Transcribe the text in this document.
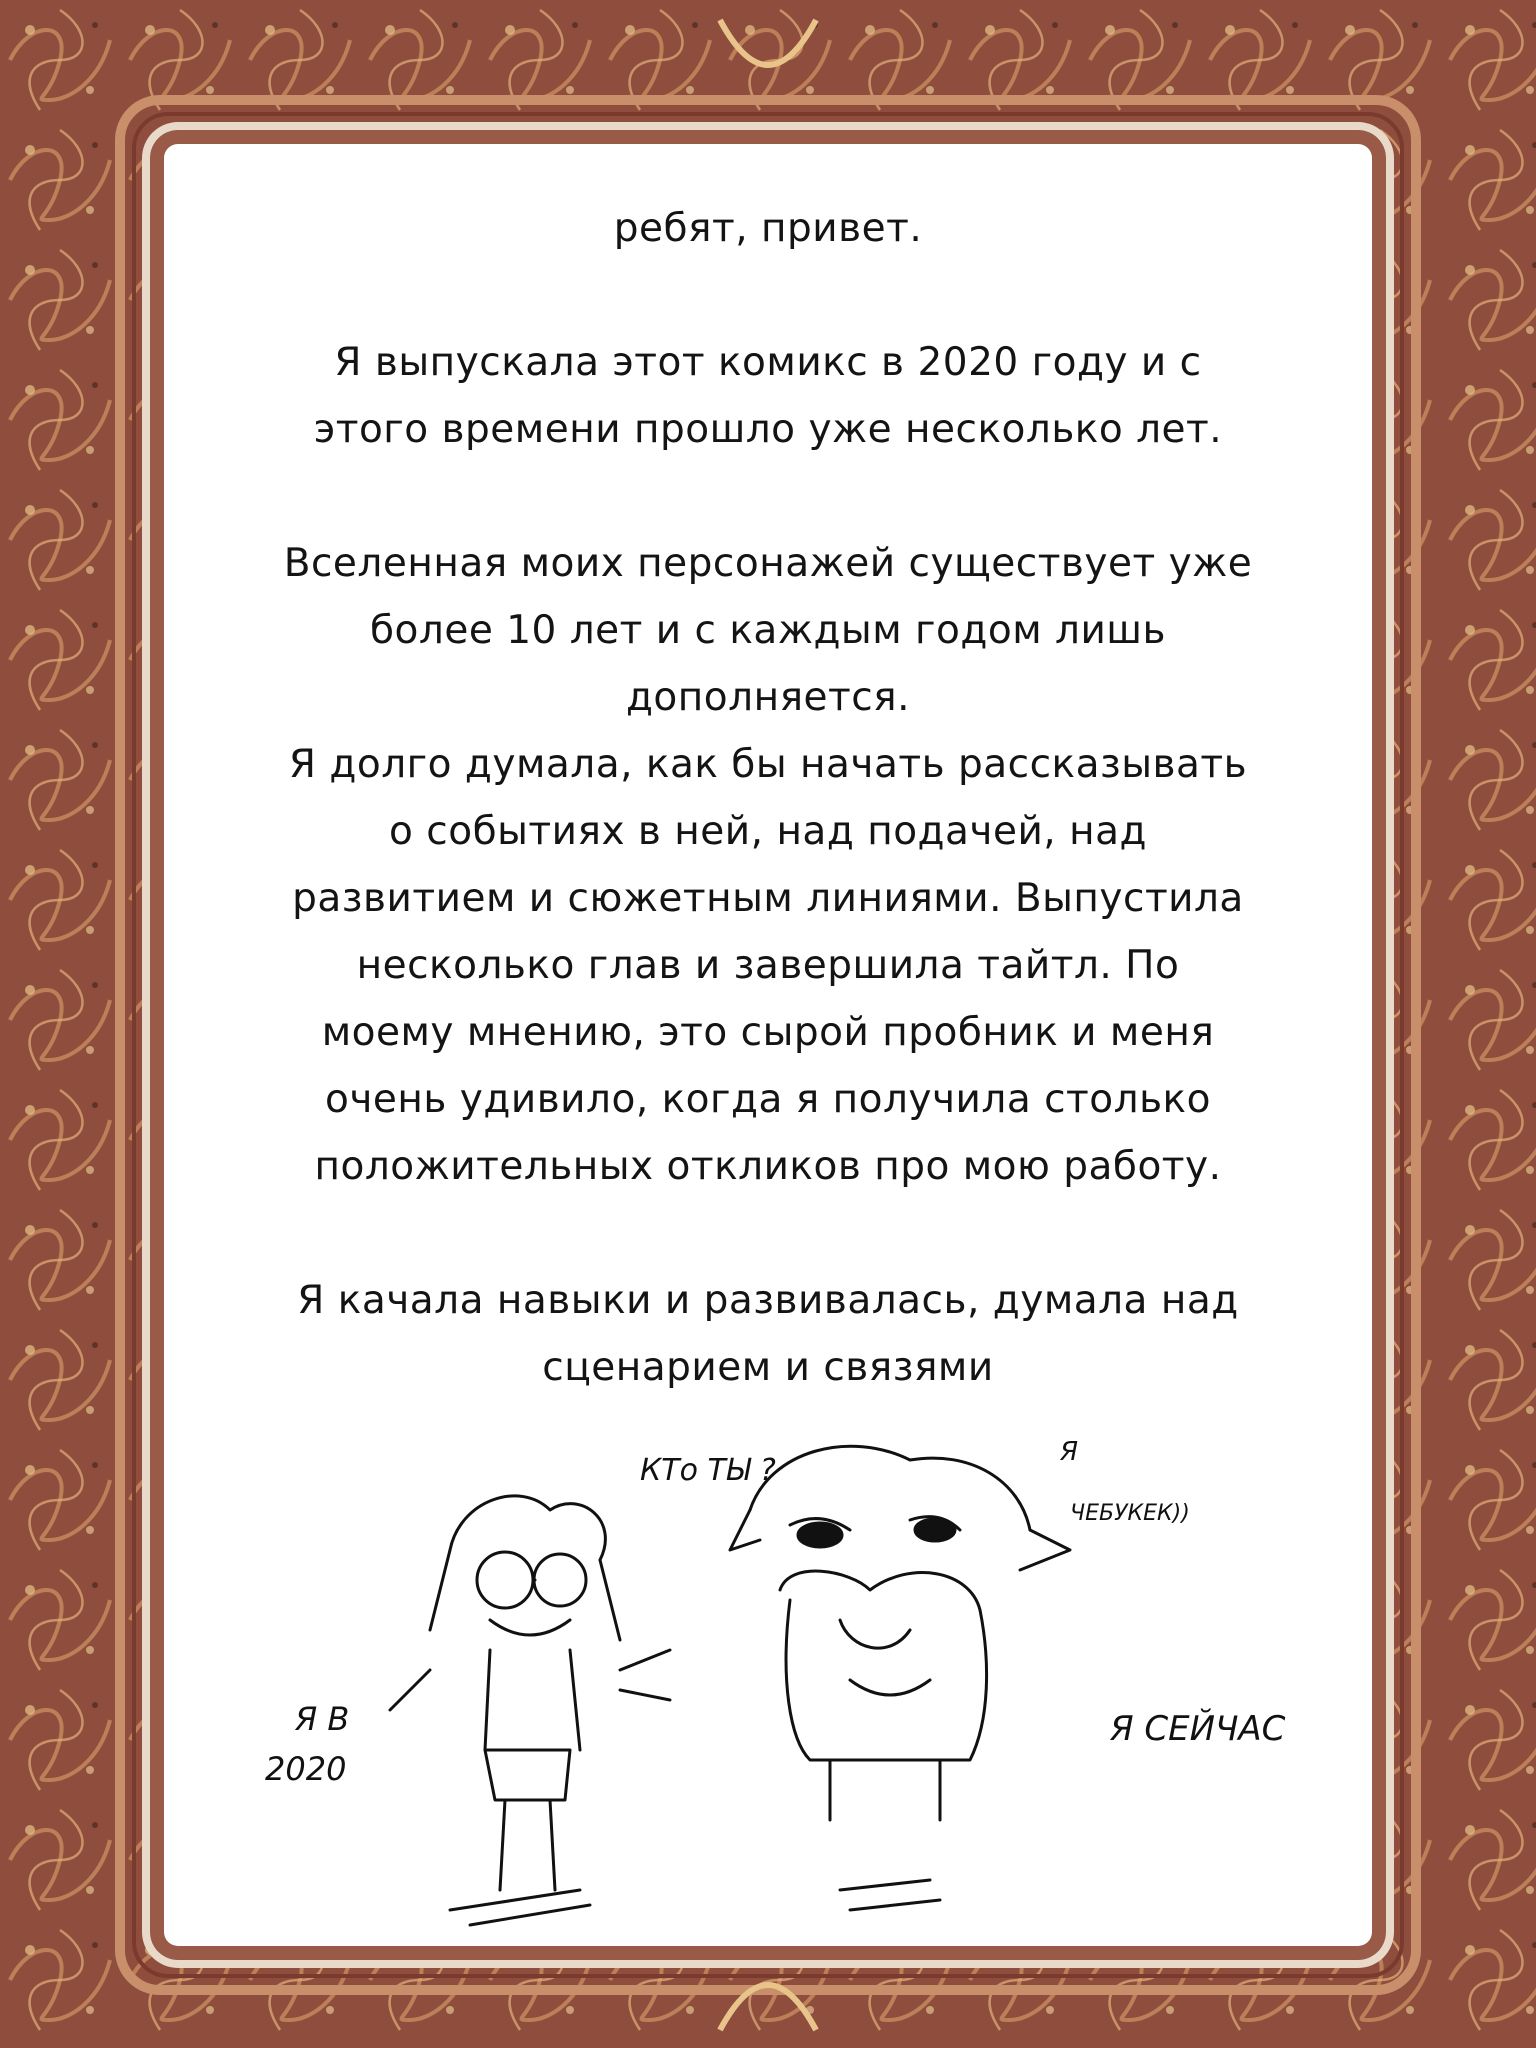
ребят, привет.

Я выпускала этот комикс в 2020 году и с

этого времени прошло уже несколько лет.

Вселенная моих персонажей существует уже

более 10 лет и с каждым годом лишь

дополняется.

Я долго думала, как бы начать рассказывать

о событиях в ней, над подачей, над

развитием и сюжетным линиями. Выпустила

несколько глав и завершила тайтл. По

моему мнению, это сырой пробник и меня

очень удивило, когда я получила столько

положительных откликов про мою работу.

Я качала навыки и развивалась, думала над

сценарием и связями

КТо ТЫ ?
Я
ЧЕБУКЕК))
Я В
2020
Я СЕЙЧАС
